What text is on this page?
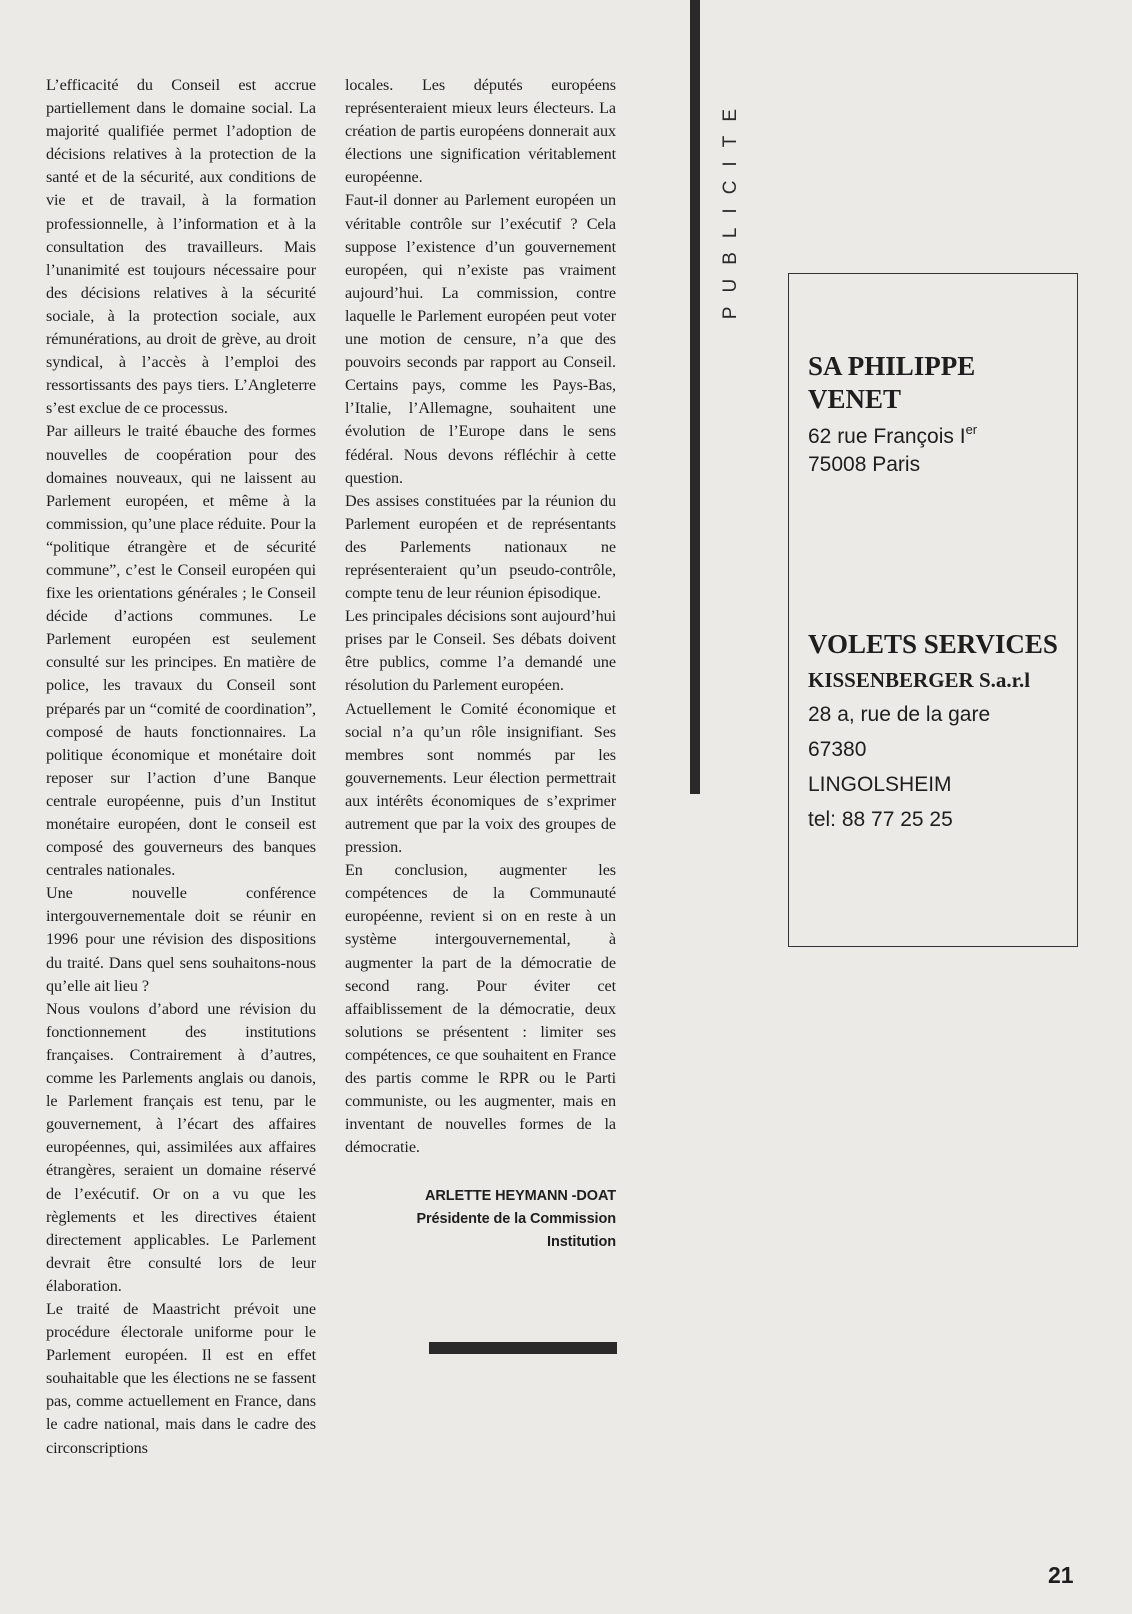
L’efficacité du Conseil est accrue partiellement dans le domaine social. La majorité qualifiée permet l’adoption de décisions relatives à la protection de la santé et de la sécurité, aux conditions de vie et de travail, à la formation professionnelle, à l’information et à la consultation des travailleurs. Mais l’unanimité est toujours nécessaire pour des décisions relatives à la sécurité sociale, à la protection sociale, aux rémunérations, au droit de grève, au droit syndical, à l’accès à l’emploi des ressortissants des pays tiers. L’Angleterre s’est exclue de ce processus.

Par ailleurs le traité ébauche des formes nouvelles de coopération pour des domaines nouveaux, qui ne laissent au Parlement européen, et même à la commission, qu’une place réduite. Pour la “politique étrangère et de sécurité commune”, c’est le Conseil européen qui fixe les orientations générales ; le Conseil décide d’actions communes. Le Parlement européen est seulement consulté sur les principes. En matière de police, les travaux du Conseil sont préparés par un “comité de coordination”, composé de hauts fonctionnaires. La politique économique et monétaire doit reposer sur l’action d’une Banque centrale européenne, puis d’un Institut monétaire européen, dont le conseil est composé des gouverneurs des banques centrales nationales.

Une nouvelle conférence intergouvernementale doit se réunir en 1996 pour une révision des dispositions du traité. Dans quel sens souhaitons-nous qu’elle ait lieu ?

Nous voulons d’abord une révision du fonctionnement des institutions françaises. Contrairement à d’autres, comme les Parlements anglais ou danois, le Parlement français est tenu, par le gouvernement, à l’écart des affaires européennes, qui, assimilées aux affaires étrangères, seraient un domaine réservé de l’exécutif. Or on a vu que les règlements et les directives étaient directement applicables. Le Parlement devrait être consulté lors de leur élaboration.

Le traité de Maastricht prévoit une procédure électorale uniforme pour le Parlement européen. Il est en effet souhaitable que les élections ne se fassent pas, comme actuellement en France, dans le cadre national, mais dans le cadre des circonscriptions

locales. Les députés européens représenteraient mieux leurs électeurs. La création de partis européens donnerait aux élections une signification véritablement européenne.

Faut-il donner au Parlement européen un véritable contrôle sur l’exécutif ? Cela suppose l’existence d’un gouvernement européen, qui n’existe pas vraiment aujourd’hui. La commission, contre laquelle le Parlement européen peut voter une motion de censure, n’a que des pouvoirs seconds par rapport au Conseil. Certains pays, comme les Pays-Bas, l’Italie, l’Allemagne, souhaitent une évolution de l’Europe dans le sens fédéral. Nous devons réfléchir à cette question.

Des assises constituées par la réunion du Parlement européen et de représentants des Parlements nationaux ne représenteraient qu’un pseudo-contrôle, compte tenu de leur réunion épisodique.

Les principales décisions sont aujourd’hui prises par le Conseil. Ses débats doivent être publics, comme l’a demandé une résolution du Parlement européen.

Actuellement le Comité économique et social n’a qu’un rôle insignifiant. Ses membres sont nommés par les gouvernements. Leur élection permettrait aux intérêts économiques de s’exprimer autrement que par la voix des groupes de pression.

En conclusion, augmenter les compétences de la Communauté européenne, revient si on en reste à un système intergouvernemental, à augmenter la part de la démocratie de second rang. Pour éviter cet affaiblissement de la démocratie, deux solutions se présentent : limiter ses compétences, ce que souhaitent en France des partis comme le RPR ou le Parti communiste, ou les augmenter, mais en inventant de nouvelles formes de la démocratie.

ARLETTE HEYMANN -DOAT
Présidente de la Commission
Institution
PUBLICITE
SA PHILIPPE
VENET
62 rue François Ier
75008 Paris
VOLETS SERVICES
KISSENBERGER S.a.r.l
28 a, rue de la gare
67380
LINGOLSHEIM
tel: 88 77 25 25
21
